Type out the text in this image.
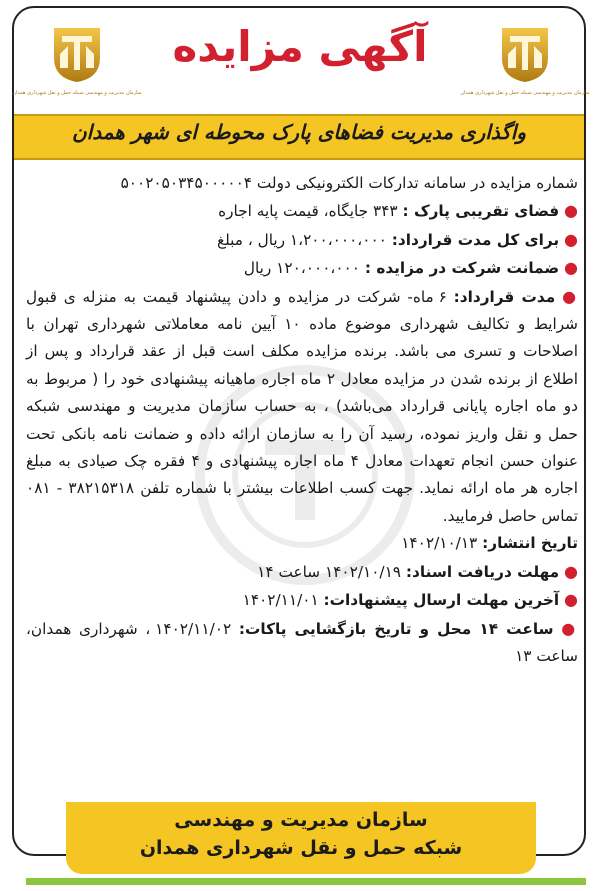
سازمان مدیریت و مهندسی شبکه حمل و نقل شهرداری همدان	سازمان مدیریت و مهندسی شبکه حمل و نقل شهرداری همدان
آگهی مزایده
واگذاری مدیریت فضاهای پارک محوطه ای شهر همدان

شماره مزایده در سامانه تدارکات الکترونیکی دولت ۵۰۰۲۰۵۰۳۴۵۰۰۰۰۰۴

● فضای تقریبی پارک : ۳۴۳ جایگاه، قیمت پایه اجاره

● برای کل مدت قرارداد: ۱،۲۰۰،۰۰۰،۰۰۰ ریال ، مبلغ

● ضمانت شرکت در مزایده : ۱۲۰،۰۰۰،۰۰۰ ریال

● مدت قرارداد: ۶ ماه- شرکت در مزایده و دادن پیشنهاد قیمت به منزله ی قبول شرایط و تکالیف شهرداری موضوع ماده ۱۰ آیین نامه معاملاتی شهرداری تهران با اصلاحات و تسری می باشد. برنده مزایده مکلف است قبل از عقد قرارداد و پس از اطلاع از برنده شدن در مزایده معادل ۲ ماه اجاره ماهیانه پیشنهادی خود را ( مربوط به دو ماه اجاره پایانی قرارداد می‌باشد) ، به حساب سازمان مدیریت و مهندسی شبکه حمل و نقل واریز نموده، رسید آن را به سازمان ارائه داده و ضمانت نامه بانکی تحت عنوان حسن انجام تعهدات معادل ۴ ماه اجاره پیشنهادی و ۴ فقره چک صیادی به مبلغ اجاره هر ماه ارائه نماید. جهت کسب اطلاعات بیشتر با شماره تلفن ۳۸۲۱۵۳۱۸ - ۰۸۱ تماس حاصل فرمایید.

تاریخ انتشار: ۱۴۰۲/۱۰/۱۳

● مهلت دریافت اسناد: ۱۴۰۲/۱۰/۱۹ ساعت ۱۴

● آخرین مهلت ارسال پیشنهادات: ۱۴۰۲/۱۱/۰۱

● ساعت ۱۴ محل و تاریخ بازگشایی پاکات: ۱۴۰۲/۱۱/۰۲ ، شهرداری همدان، ساعت ۱۳

سازمان مدیریت و مهندسی
شبکه حمل و نقل شهرداری همدان
